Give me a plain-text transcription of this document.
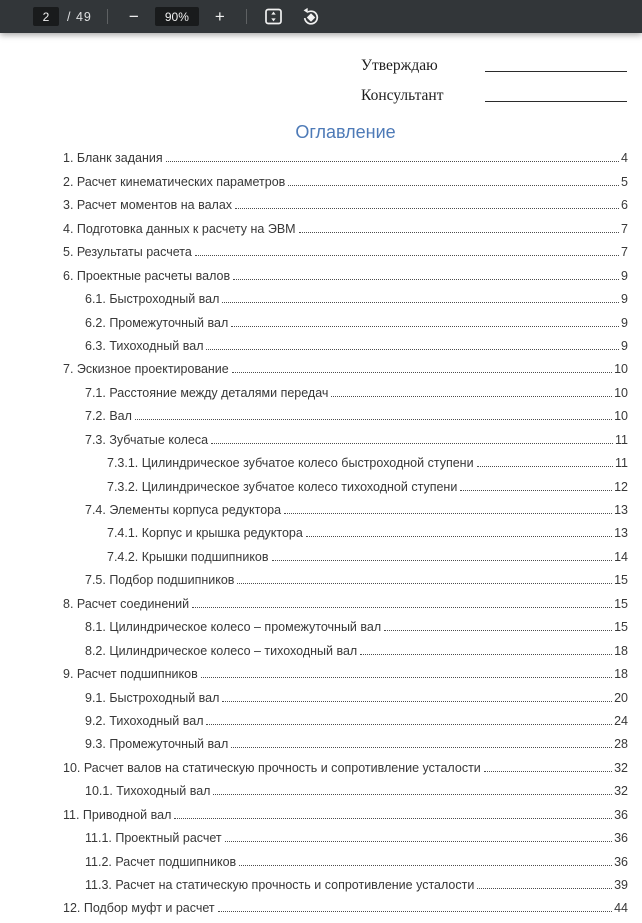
2
/ 49	−
90%	+
Утверждаю
Консультант
Оглавление
1. Бланк задания	4
2. Расчет кинематических параметров	5
3. Расчет моментов на валах	6
4. Подготовка данных к расчету на ЭВМ	7
5. Результаты расчета	7
6. Проектные расчеты валов	9
6.1. Быстроходный вал	9
6.2. Промежуточный вал	9
6.3. Тихоходный вал	9
7. Эскизное проектирование	10
7.1. Расстояние между деталями передач	10
7.2. Вал	10
7.3. Зубчатые колеса	11
7.3.1. Цилиндрическое зубчатое колесо быстроходной ступени	11
7.3.2. Цилиндрическое зубчатое колесо тихоходной ступени	12
7.4. Элементы корпуса редуктора	13
7.4.1. Корпус и крышка редуктора	13
7.4.2. Крышки подшипников	14
7.5. Подбор подшипников	15
8. Расчет соединений	15
8.1. Цилиндрическое колесо – промежуточный вал	15
8.2. Цилиндрическое колесо – тихоходный вал	18
9. Расчет подшипников	18
9.1. Быстроходный вал	20
9.2. Тихоходный вал	24
9.3. Промежуточный вал	28
10. Расчет валов на статическую прочность и сопротивление усталости	32
10.1. Тихоходный вал	32
11. Приводной вал	36
11.1. Проектный расчет	36
11.2. Расчет подшипников	36
11.3. Расчет на статическую прочность и сопротивление усталости	39
12. Подбор муфт и расчет	44
